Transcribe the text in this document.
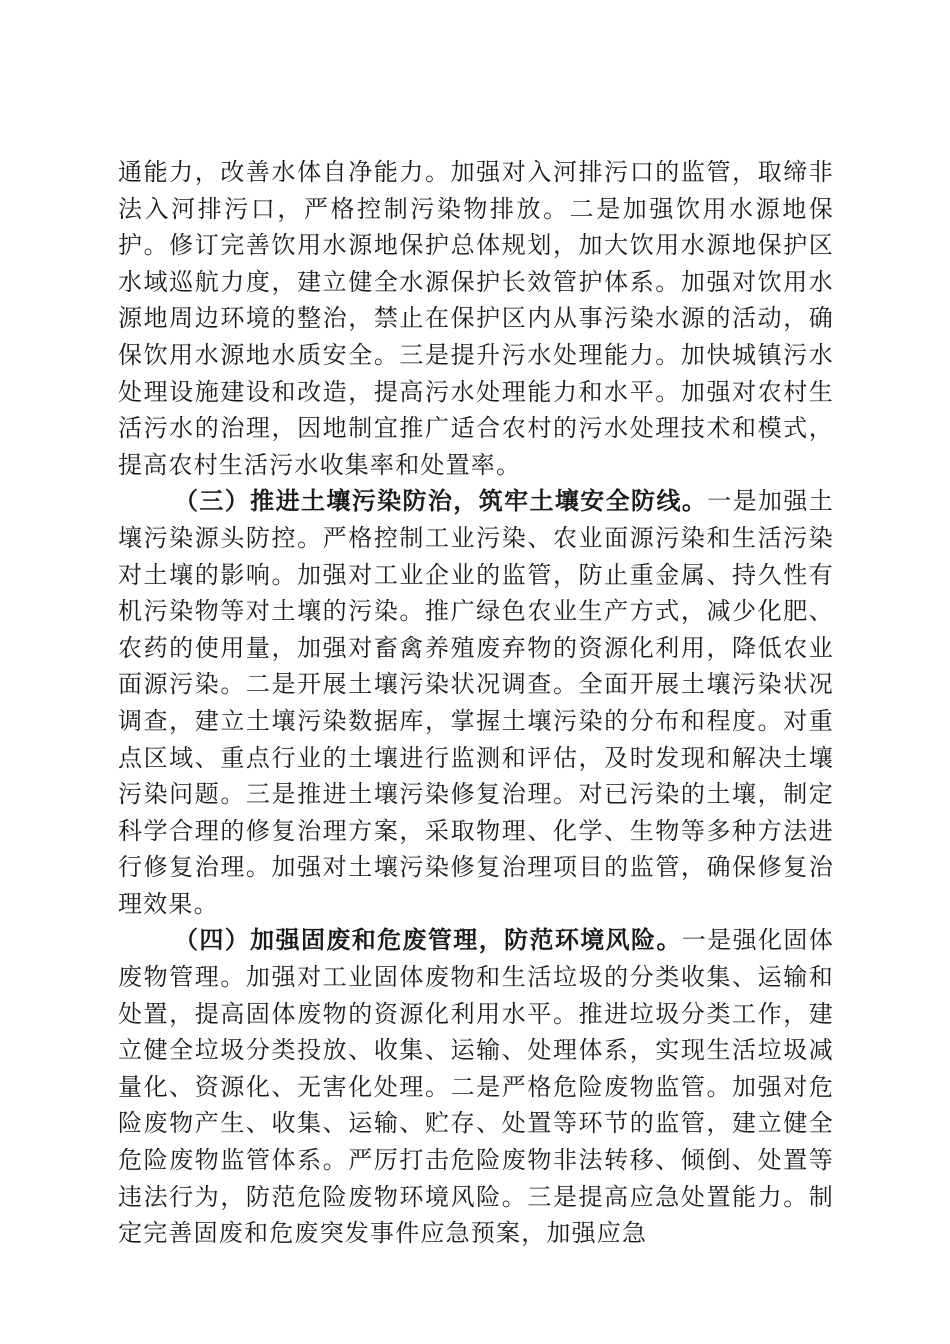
通能力，改善水体自净能力。加强对入河排污口的监管，取缔非法入河排污口，严格控制污染物排放。二是加强饮用水源地保护。修订完善饮用水源地保护总体规划，加大饮用水源地保护区水域巡航力度，建立健全水源保护长效管护体系。加强对饮用水源地周边环境的整治，禁止在保护区内从事污染水源的活动，确保饮用水源地水质安全。三是提升污水处理能力。加快城镇污水处理设施建设和改造，提高污水处理能力和水平。加强对农村生活污水的治理，因地制宜推广适合农村的污水处理技术和模式，提高农村生活污水收集率和处置率。

（三）推进土壤污染防治，筑牢土壤安全防线。一是加强土壤污染源头防控。严格控制工业污染、农业面源污染和生活污染对土壤的影响。加强对工业企业的监管，防止重金属、持久性有机污染物等对土壤的污染。推广绿色农业生产方式，减少化肥、农药的使用量，加强对畜禽养殖废弃物的资源化利用，降低农业面源污染。二是开展土壤污染状况调查。全面开展土壤污染状况调查，建立土壤污染数据库，掌握土壤污染的分布和程度。对重点区域、重点行业的土壤进行监测和评估，及时发现和解决土壤污染问题。三是推进土壤污染修复治理。对已污染的土壤，制定科学合理的修复治理方案，采取物理、化学、生物等多种方法进行修复治理。加强对土壤污染修复治理项目的监管，确保修复治理效果。

（四）加强固废和危废管理，防范环境风险。一是强化固体废物管理。加强对工业固体废物和生活垃圾的分类收集、运输和处置，提高固体废物的资源化利用水平。推进垃圾分类工作，建立健全垃圾分类投放、收集、运输、处理体系，实现生活垃圾减量化、资源化、无害化处理。二是严格危险废物监管。加强对危险废物产生、收集、运输、贮存、处置等环节的监管，建立健全危险废物监管体系。严厉打击危险废物非法转移、倾倒、处置等违法行为，防范危险废物环境风险。三是提高应急处置能力。制定完善固废和危废突发事件应急预案，加强应急
